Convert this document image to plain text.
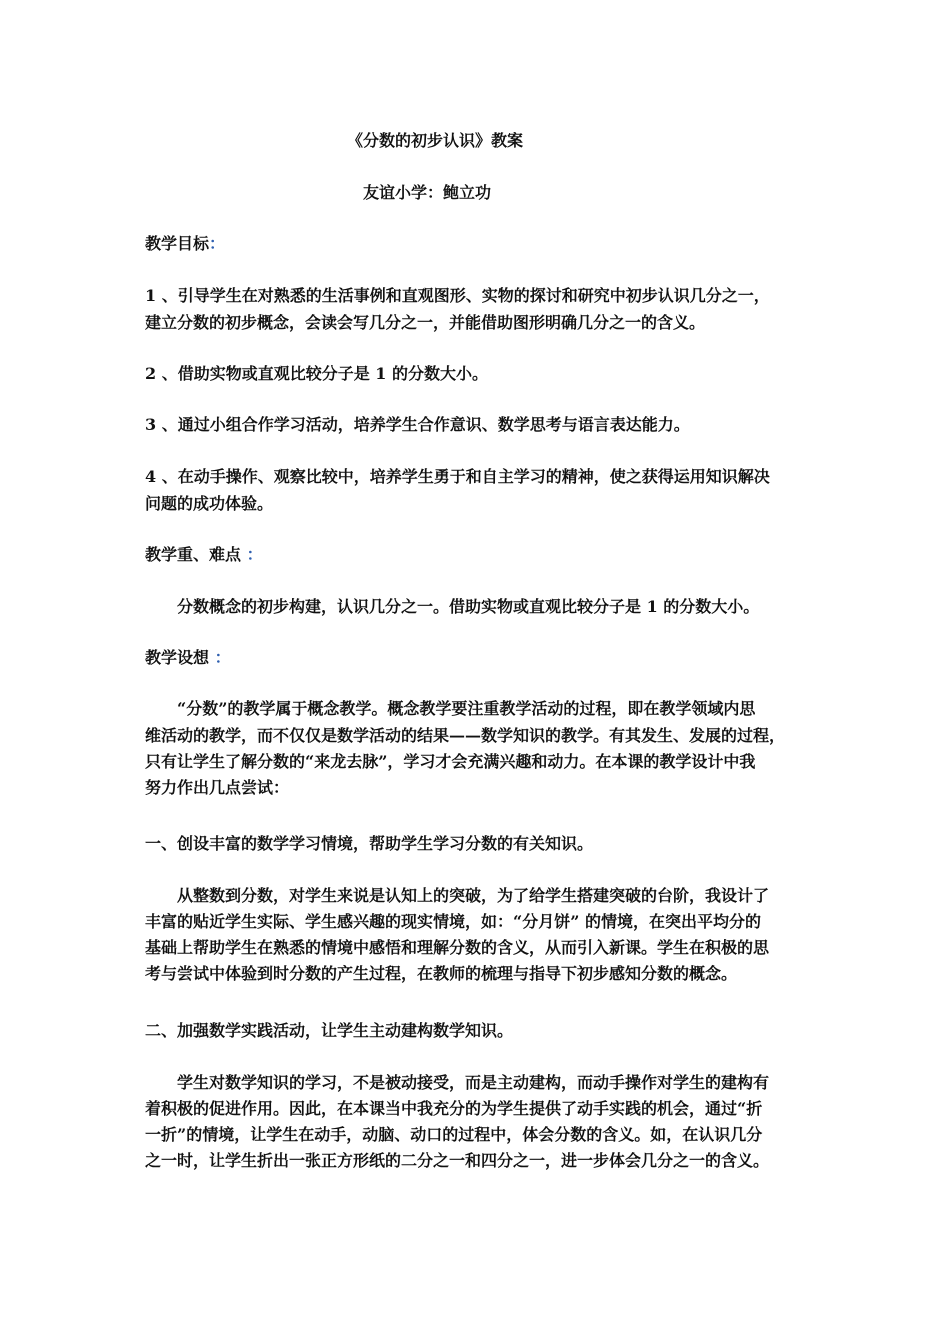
《分数的初步认识》教案

友谊小学：鲍立功

教学目标：

1 、引导学生在对熟悉的生活事例和直观图形、实物的探讨和研究中初步认识几分之一，

建立分数的初步概念，会读会写几分之一，并能借助图形明确几分之一的含义。

2 、借助实物或直观比较分子是 1 的分数大小。

3 、通过小组合作学习活动，培养学生合作意识、数学思考与语言表达能力。

4 、在动手操作、观察比较中，培养学生勇于和自主学习的精神，使之获得运用知识解决

问题的成功体验。

教学重、难点 ：

分数概念的初步构建，认识几分之一。借助实物或直观比较分子是 1 的分数大小。

教学设想 ：

“分数”的教学属于概念教学。概念教学要注重教学活动的过程，即在教学领域内思

维活动的教学，而不仅仅是数学活动的结果——数学知识的教学。有其发生、发展的过程，

只有让学生了解分数的“来龙去脉”，学习才会充满兴趣和动力。在本课的教学设计中我

努力作出几点尝试：

一、创设丰富的数学学习情境，帮助学生学习分数的有关知识。

从整数到分数，对学生来说是认知上的突破，为了给学生搭建突破的台阶，我设计了

丰富的贴近学生实际、学生感兴趣的现实情境，如：“分月饼” 的情境，在突出平均分的

基础上帮助学生在熟悉的情境中感悟和理解分数的含义，从而引入新课。学生在积极的思

考与尝试中体验到时分数的产生过程，在教师的梳理与指导下初步感知分数的概念。

二、加强数学实践活动，让学生主动建构数学知识。

学生对数学知识的学习，不是被动接受，而是主动建构，而动手操作对学生的建构有

着积极的促进作用。因此，在本课当中我充分的为学生提供了动手实践的机会，通过“折

一折”的情境，让学生在动手，动脑、动口的过程中，体会分数的含义。如，在认识几分

之一时，让学生折出一张正方形纸的二分之一和四分之一，进一步体会几分之一的含义。
